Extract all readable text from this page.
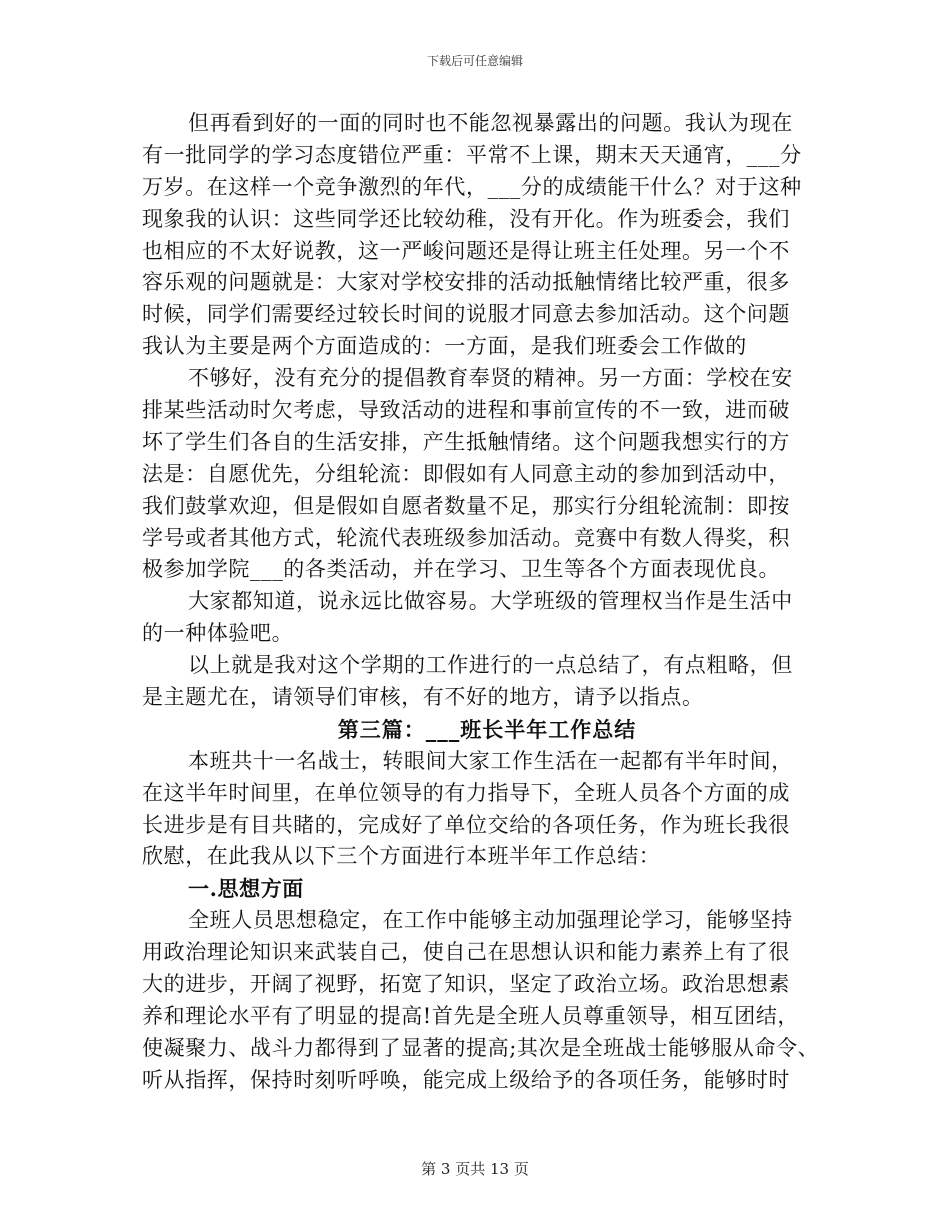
下载后可任意编辑
但再看到好的一面的同时也不能忽视暴露出的问题。我认为现在
有一批同学的学习态度错位严重：平常不上课，期末天天通宵，___分
万岁。在这样一个竞争激烈的年代，___分的成绩能干什么？对于这种
现象我的认识：这些同学还比较幼稚，没有开化。作为班委会，我们
也相应的不太好说教，这一严峻问题还是得让班主任处理。另一个不
容乐观的问题就是：大家对学校安排的活动抵触情绪比较严重，很多
时候，同学们需要经过较长时间的说服才同意去参加活动。这个问题
我认为主要是两个方面造成的：一方面，是我们班委会工作做的
不够好，没有充分的提倡教育奉贤的精神。另一方面：学校在安
排某些活动时欠考虑，导致活动的进程和事前宣传的不一致，进而破
坏了学生们各自的生活安排，产生抵触情绪。这个问题我想实行的方
法是：自愿优先，分组轮流：即假如有人同意主动的参加到活动中，
我们鼓掌欢迎，但是假如自愿者数量不足，那实行分组轮流制：即按
学号或者其他方式，轮流代表班级参加活动。竞赛中有数人得奖，积
极参加学院___的各类活动，并在学习、卫生等各个方面表现优良。
大家都知道，说永远比做容易。大学班级的管理权当作是生活中
的一种体验吧。
以上就是我对这个学期的工作进行的一点总结了，有点粗略，但
是主题尤在，请领导们审核，有不好的地方，请予以指点。
第三篇：___班长半年工作总结
本班共十一名战士，转眼间大家工作生活在一起都有半年时间，
在这半年时间里，在单位领导的有力指导下，全班人员各个方面的成
长进步是有目共睹的，完成好了单位交给的各项任务，作为班长我很
欣慰，在此我从以下三个方面进行本班半年工作总结：
一.思想方面
全班人员思想稳定，在工作中能够主动加强理论学习，能够坚持
用政治理论知识来武装自己，使自己在思想认识和能力素养上有了很
大的进步，开阔了视野，拓宽了知识，坚定了政治立场。政治思想素
养和理论水平有了明显的提高!首先是全班人员尊重领导，相互团结，
使凝聚力、战斗力都得到了显著的提高;其次是全班战士能够服从命令、
听从指挥，保持时刻听呼唤，能完成上级给予的各项任务，能够时时
第 3 页共 13 页
